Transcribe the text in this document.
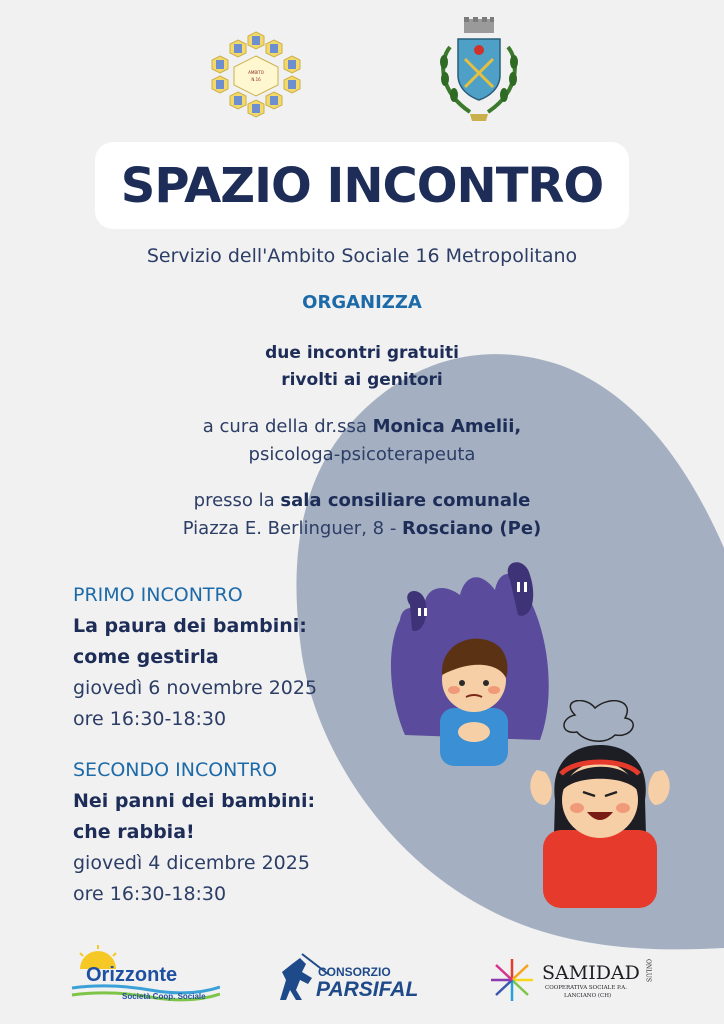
AMBITO
N.16
SPAZIO INCONTRO
Servizio dell'Ambito Sociale 16 Metropolitano
ORGANIZZA
due incontri gratuiti
rivolti ai genitori
a cura della dr.ssa Monica Amelii,
psicologa-psicoterapeuta
presso la sala consiliare comunale
Piazza E. Berlinguer, 8 - Rosciano (Pe)
PRIMO INCONTRO
La paura dei bambini:
come gestirla
giovedì 6 novembre 2025
ore 16:30-18:30
SECONDO INCONTRO
Nei panni dei bambini:
che rabbia!
giovedì 4 dicembre 2025
ore 16:30-18:30
Orizzonte
Società Coop. Sociale
CONSORZIO
PARSIFAL
SAMIDAD
COOPERATIVA SOCIALE P.A.
LANCIANO (CH)
ONLUS
